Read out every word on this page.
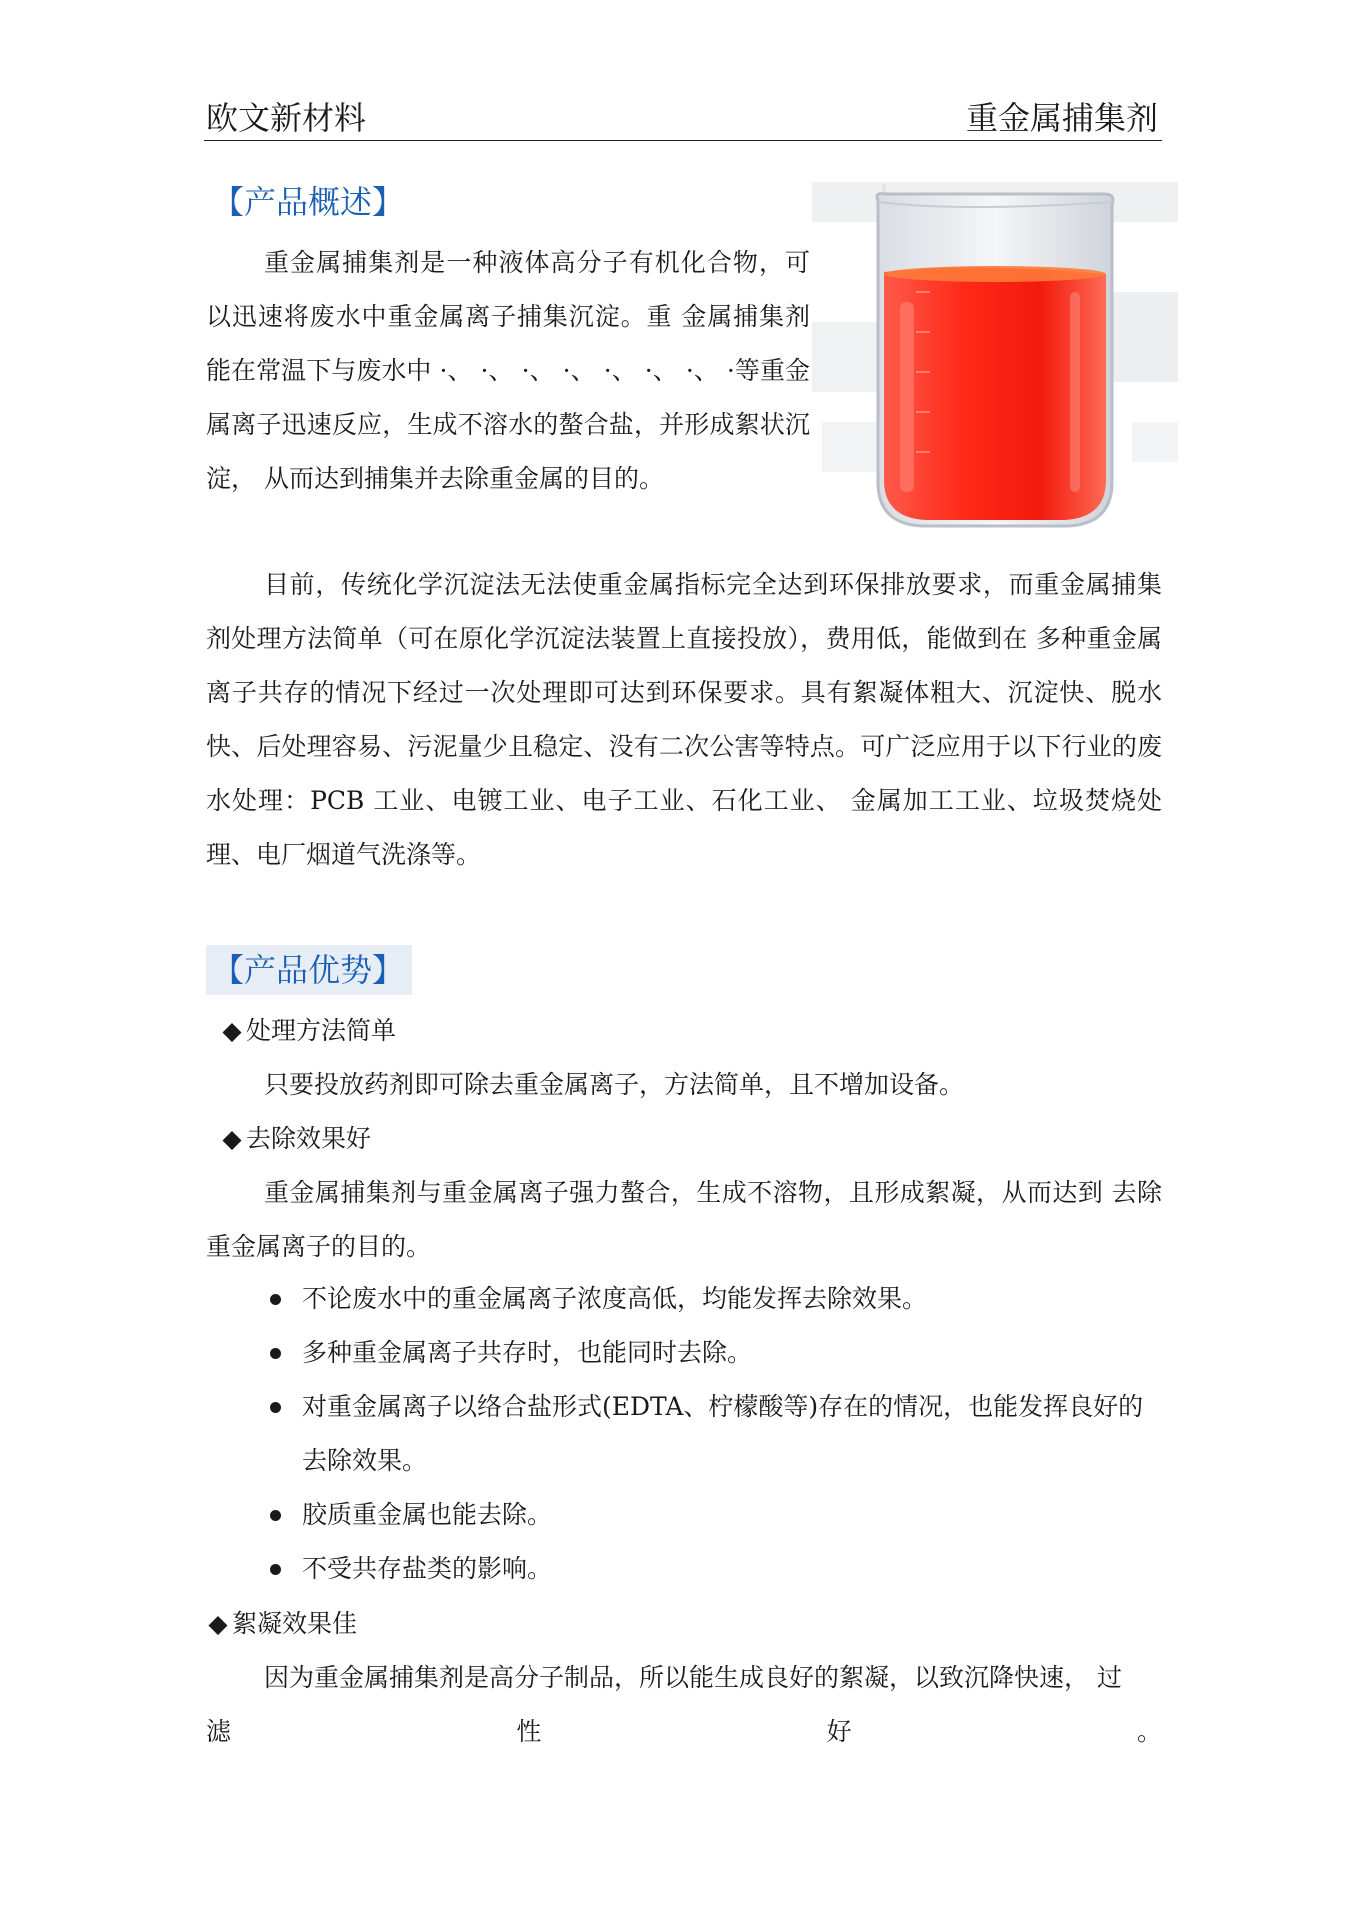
欧文新材料	重金属捕集剂
【产品概述】

重金属捕集剂是一种液体高分子有机化合物，可以迅速将废水中重金属离子捕集沉淀。重 金属捕集剂能在常温下与废水中 ·、 ·、 ·、 ·、 ·、 ·、 ·、 ·等重金属离子迅速反应，生成不溶水的螯合盐，并形成絮状沉淀， 从而达到捕集并去除重金属的目的。

目前，传统化学沉淀法无法使重金属指标完全达到环保排放要求，而重金属捕集剂处理方法简单（可在原化学沉淀法装置上直接投放），费用低，能做到在 多种重金属离子共存的情况下经过一次处理即可达到环保要求。具有絮凝体粗大、沉淀快、脱水快、后处理容易、污泥量少且稳定、没有二次公害等特点。可广泛应用于以下行业的废水处理：PCB 工业、电镀工业、电子工业、石化工业、 金属加工工业、垃圾焚烧处理、电厂烟道气洗涤等。

【产品优势】
◆ 处理方法简单

只要投放药剂即可除去重金属离子，方法简单，且不增加设备。

◆ 去除效果好

重金属捕集剂与重金属离子强力螯合，生成不溶物，且形成絮凝，从而达到 去除重金属离子的目的。

不论废水中的重金属离子浓度高低，均能发挥去除效果。
多种重金属离子共存时，也能同时去除。
对重金属离子以络合盐形式(EDTA、柠檬酸等)存在的情况，也能发挥良好的去除效果。
胶质重金属也能去除。
不受共存盐类的影响。
◆ 絮凝效果佳

因为重金属捕集剂是高分子制品，所以能生成良好的絮凝，以致沉降快速， 过

滤	性	好	。
